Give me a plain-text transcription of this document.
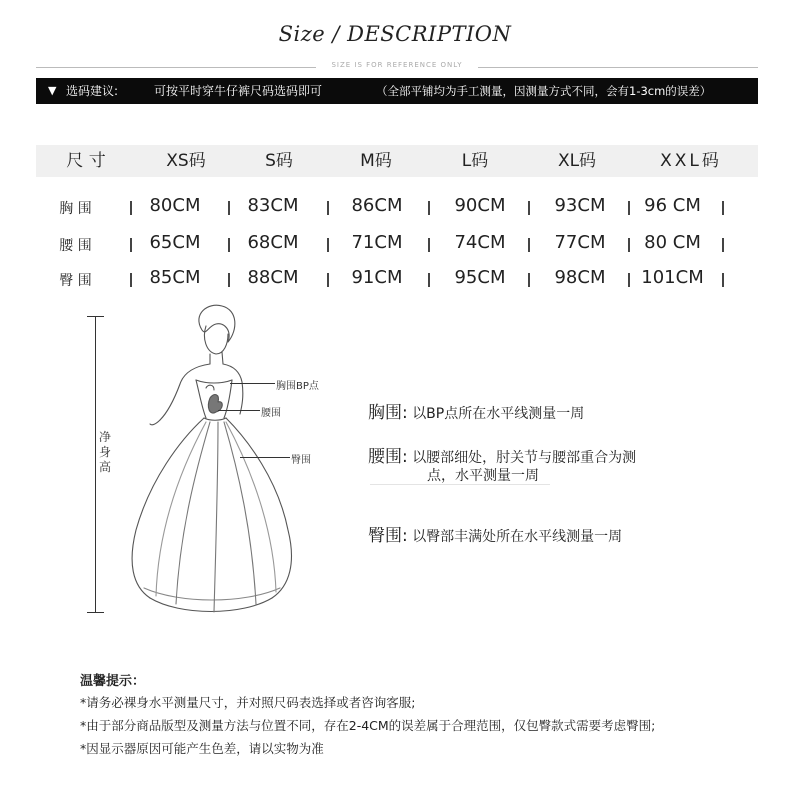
Size / DESCRIPTION
SIZE IS FOR REFERENCE ONLY
▼ 选码建议:	可按平时穿牛仔裤尺码选码即可	（全部平铺均为手工测量，因测量方式不同，会有1-3cm的误差）
尺 寸	XS码	S码	M码	L码	XL码	XXL码
胸 围	80CM	83CM	86CM	90CM	93CM	96 CM
腰 围	65CM	68CM	71CM	74CM	77CM	80 CM
臀 围	85CM	88CM	91CM	95CM	98CM	101CM
净身高
胸围BP点
腰围
臀围
胸围: 以BP点所在水平线测量一周
腰围: 以腰部细处，肘关节与腰部重合为测
点，水平测量一周
臀围: 以臀部丰满处所在水平线测量一周
温馨提示：
*请务必裸身水平测量尺寸，并对照尺码表选择或者咨询客服;
*由于部分商品版型及测量方法与位置不同，存在2-4CM的误差属于合理范围，仅包臀款式需要考虑臀围;
*因显示器原因可能产生色差，请以实物为准
